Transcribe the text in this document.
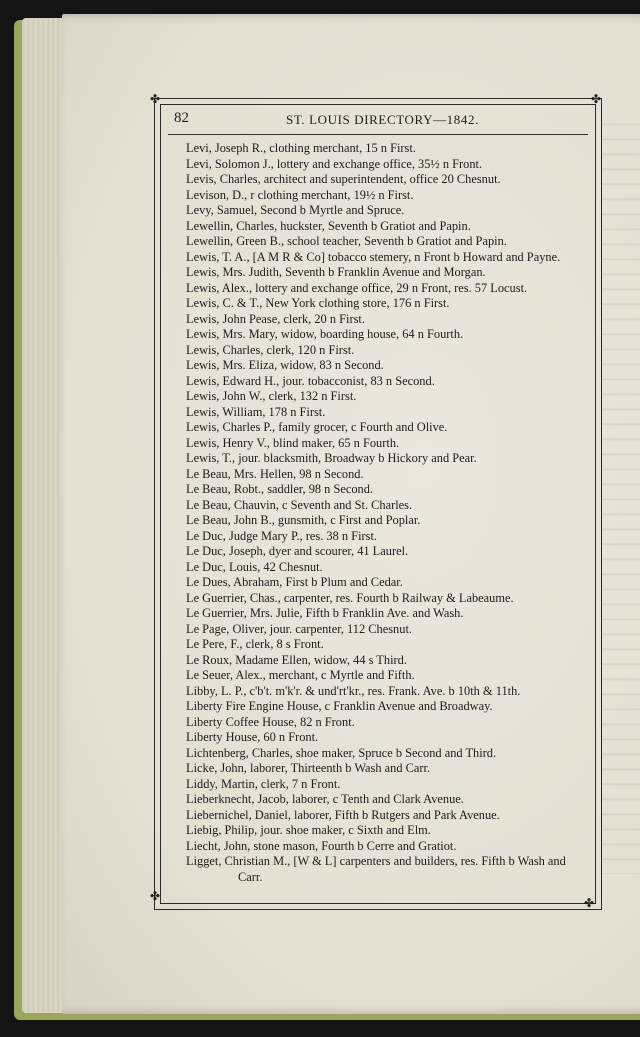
✤	✤
✤	✤
82	ST. LOUIS DIRECTORY—1842.
Levi, Joseph R., clothing merchant, 15 n First.
Levi, Solomon J., lottery and exchange office, 35½ n Front.
Levis, Charles, architect and superintendent, office 20 Chesnut.
Levison, D., r clothing merchant, 19½ n First.
Levy, Samuel, Second b Myrtle and Spruce.
Lewellin, Charles, huckster, Seventh b Gratiot and Papin.
Lewellin, Green B., school teacher, Seventh b Gratiot and Papin.
Lewis, T. A., [A M R & Co] tobacco stemery, n Front b Howard and Payne.
Lewis, Mrs. Judith, Seventh b Franklin Avenue and Morgan.
Lewis, Alex., lottery and exchange office, 29 n Front, res. 57 Locust.
Lewis, C. & T., New York clothing store, 176 n First.
Lewis, John Pease, clerk, 20 n First.
Lewis, Mrs. Mary, widow, boarding house, 64 n Fourth.
Lewis, Charles, clerk, 120 n First.
Lewis, Mrs. Eliza, widow, 83 n Second.
Lewis, Edward H., jour. tobacconist, 83 n Second.
Lewis, John W., clerk, 132 n First.
Lewis, William, 178 n First.
Lewis, Charles P., family grocer, c Fourth and Olive.
Lewis, Henry V., blind maker, 65 n Fourth.
Lewis, T., jour. blacksmith, Broadway b Hickory and Pear.
Le Beau, Mrs. Hellen, 98 n Second.
Le Beau, Robt., saddler, 98 n Second.
Le Beau, Chauvin, c Seventh and St. Charles.
Le Beau, John B., gunsmith, c First and Poplar.
Le Duc, Judge Mary P., res. 38 n First.
Le Duc, Joseph, dyer and scourer, 41 Laurel.
Le Duc, Louis, 42 Chesnut.
Le Dues, Abraham, First b Plum and Cedar.
Le Guerrier, Chas., carpenter, res. Fourth b Railway & Labeaume.
Le Guerrier, Mrs. Julie, Fifth b Franklin Ave. and Wash.
Le Page, Oliver, jour. carpenter, 112 Chesnut.
Le Pere, F., clerk, 8 s Front.
Le Roux, Madame Ellen, widow, 44 s Third.
Le Seuer, Alex., merchant, c Myrtle and Fifth.
Libby, L. P., c'b't. m'k'r. & und'rt'kr., res. Frank. Ave. b 10th & 11th.
Liberty Fire Engine House, c Franklin Avenue and Broadway.
Liberty Coffee House, 82 n Front.
Liberty House, 60 n Front.
Lichtenberg, Charles, shoe maker, Spruce b Second and Third.
Licke, John, laborer, Thirteenth b Wash and Carr.
Liddy, Martin, clerk, 7 n Front.
Lieberknecht, Jacob, laborer, c Tenth and Clark Avenue.
Liebernichel, Daniel, laborer, Fifth b Rutgers and Park Avenue.
Liebig, Philip, jour. shoe maker, c Sixth and Elm.
Liecht, John, stone mason, Fourth b Cerre and Gratiot.
Ligget, Christian M., [W & L] carpenters and builders, res. Fifth b Wash and Carr.
